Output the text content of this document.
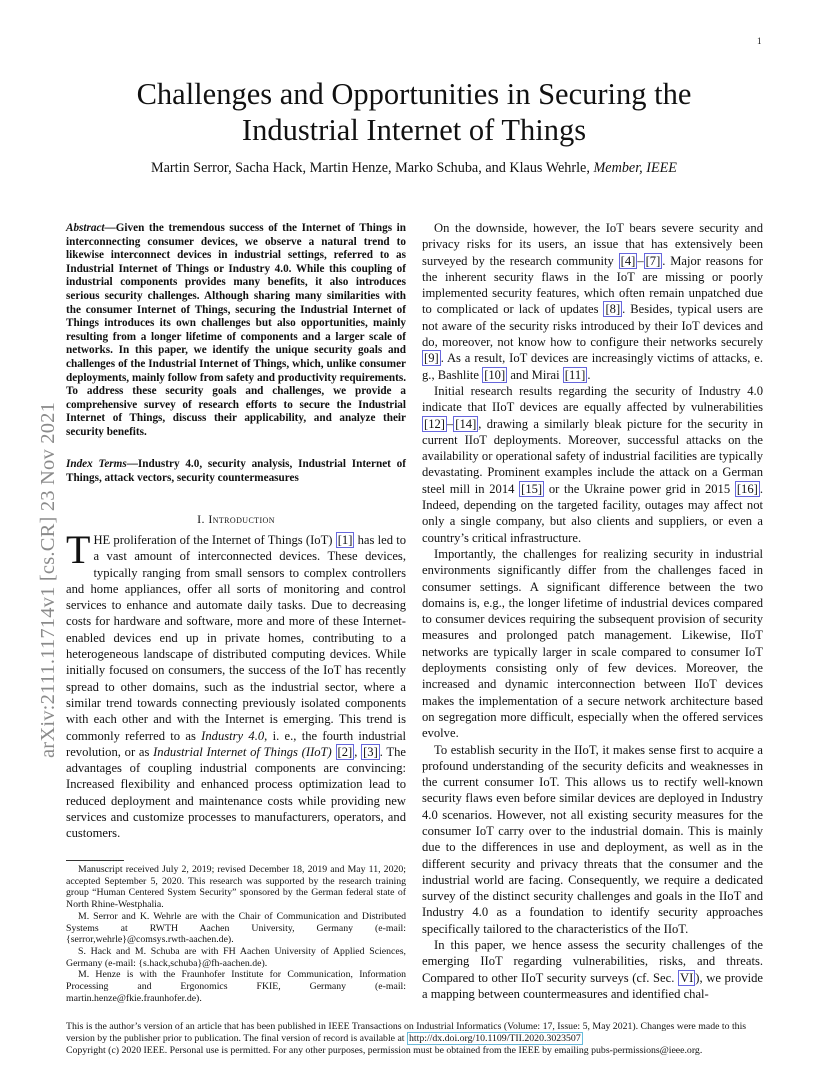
1
arXiv:2111.11714v1 [cs.CR] 23 Nov 2021
Challenges and Opportunities in Securing the
Industrial Internet of Things
Martin Serror, Sacha Hack, Martin Henze, Marko Schuba, and Klaus Wehrle, Member, IEEE
Abstract—Given the tremendous success of the Internet of Things in interconnecting consumer devices, we observe a natural trend to likewise interconnect devices in industrial settings, referred to as Industrial Internet of Things or Industry 4.0. While this coupling of industrial components provides many benefits, it also introduces serious security challenges. Although sharing many similarities with the consumer Internet of Things, securing the Industrial Internet of Things introduces its own challenges but also opportunities, mainly resulting from a longer lifetime of components and a larger scale of networks. In this paper, we identify the unique security goals and challenges of the Industrial Internet of Things, which, unlike consumer deployments, mainly follow from safety and productivity requirements. To address these security goals and challenges, we provide a comprehensive survey of research efforts to secure the Industrial Internet of Things, discuss their applicability, and analyze their security benefits.
Index Terms—Industry 4.0, security analysis, Industrial Internet of Things, attack vectors, security countermeasures
I. Introduction

THE proliferation of the Internet of Things (IoT) [1] has led to a vast amount of interconnected devices. These devices, typically ranging from small sensors to complex controllers and home appliances, offer all sorts of monitoring and control services to enhance and automate daily tasks. Due to decreasing costs for hardware and software, more and more of these Internet-enabled devices end up in private homes, contributing to a heterogeneous landscape of distributed computing devices. While initially focused on consumers, the success of the IoT has recently spread to other domains, such as the industrial sector, where a similar trend towards connecting previously isolated components with each other and with the Internet is emerging. This trend is commonly referred to as Industry 4.0, i. e., the fourth industrial revolution, or as Industrial Internet of Things (IIoT) [2] , [3] . The advantages of coupling industrial components are convincing: Increased flexibility and enhanced process optimization lead to reduced deployment and maintenance costs while providing new services and customize processes to manufacturers, operators, and customers.

Manuscript received July 2, 2019; revised December 18, 2019 and May 11, 2020; accepted September 5, 2020. This research was supported by the research training group “Human Centered System Security” sponsored by the German federal state of North Rhine-Westphalia.

M. Serror and K. Wehrle are with the Chair of Communication and Distributed Systems at RWTH Aachen University, Germany (e-mail: {serror,wehrle}@comsys.rwth-aachen.de).

S. Hack and M. Schuba are with FH Aachen University of Applied Sciences, Germany (e-mail: {s.hack,schuba}@fh-aachen.de).

M. Henze is with the Fraunhofer Institute for Communication, Information Processing and Ergonomics FKIE, Germany (e-mail: martin.henze@fkie.fraunhofer.de).

On the downside, however, the IoT bears severe security and privacy risks for its users, an issue that has extensively been surveyed by the research community [4] – [7] . Major reasons for the inherent security flaws in the IoT are missing or poorly implemented security features, which often remain unpatched due to complicated or lack of updates [8] . Besides, typical users are not aware of the security risks introduced by their IoT devices and do, moreover, not know how to configure their networks securely [9] . As a result, IoT devices are increasingly victims of attacks, e. g., Bashlite [10] and Mirai [11] .

Initial research results regarding the security of Industry 4.0 indicate that IIoT devices are equally affected by vulnerabilities [12] – [14] , drawing a similarly bleak picture for the security in current IIoT deployments. Moreover, successful attacks on the availability or operational safety of industrial facilities are typically devastating. Prominent examples include the attack on a German steel mill in 2014 [15] or the Ukraine power grid in 2015 [16] . Indeed, depending on the targeted facility, outages may affect not only a single company, but also clients and suppliers, or even a country’s critical infrastructure.

Importantly, the challenges for realizing security in industrial environments significantly differ from the challenges faced in consumer settings. A significant difference between the two domains is, e.g., the longer lifetime of industrial devices compared to consumer devices requiring the subsequent provision of security measures and prolonged patch management. Likewise, IIoT networks are typically larger in scale compared to consumer IoT deployments consisting only of few devices. Moreover, the increased and dynamic interconnection between IIoT devices makes the implementation of a secure network architecture based on segregation more difficult, especially when the offered services evolve.

To establish security in the IIoT, it makes sense first to acquire a profound understanding of the security deficits and weaknesses in the current consumer IoT. This allows us to rectify well-known security flaws even before similar devices are deployed in Industry 4.0 scenarios. However, not all existing security measures for the consumer IoT carry over to the industrial domain. This is mainly due to the differences in use and deployment, as well as in the different security and privacy threats that the consumer and the industrial world are facing. Consequently, we require a dedicated survey of the distinct security challenges and goals in the IIoT and Industry 4.0 as a foundation to identify security approaches specifically tailored to the characteristics of the IIoT.

In this paper, we hence assess the security challenges of the emerging IIoT regarding vulnerabilities, risks, and threats. Compared to other IIoT security surveys (cf. Sec. VI ), we provide a mapping between countermeasures and identified chal-

This is the author’s version of an article that has been published in IEEE Transactions on Industrial Informatics (Volume: 17, Issue: 5, May 2021). Changes were made to this version by the publisher prior to publication. The final version of record is available at http://dx.doi.org/10.1109/TII.2020.3023507
Copyright (c) 2020 IEEE. Personal use is permitted. For any other purposes, permission must be obtained from the IEEE by emailing pubs-permissions@ieee.org.
